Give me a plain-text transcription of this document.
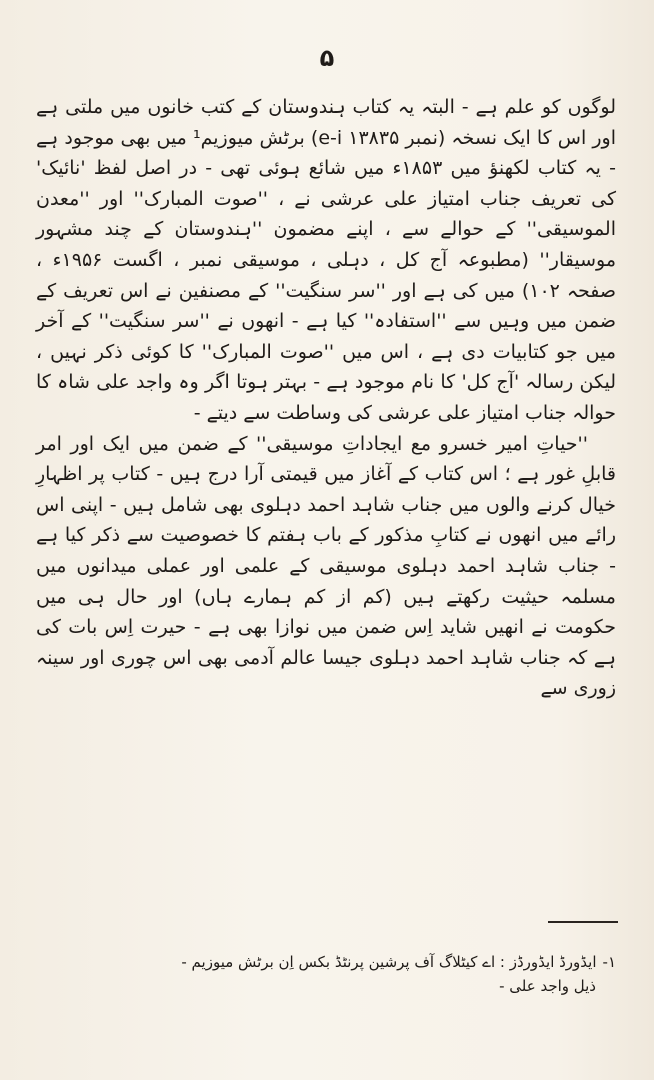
۵

لوگوں کو علم ہے - البتہ یہ کتاب ہندوستان کے کتب خانوں میں ملتی ہے اور اس کا ایک نسخہ (نمبر e-i ۱۳۸۳۵) برٹش میوزیم¹ میں بھی موجود ہے - یہ کتاب لکھنؤ میں ۱۸۵۳ء میں شائع ہوئی تھی - در اصل لفظ 'نائیک' کی تعریف جناب امتیاز علی عرشی نے ، ''صوت المبارک'' اور ''معدن الموسیقی'' کے حوالے سے ، اپنے مضمون ''ہندوستان کے چند مشہور موسیقار'' (مطبوعہ آج کل ، دہلی ، موسیقی نمبر ، اگست ۱۹۵۶ء ، صفحہ ۱۰۲) میں کی ہے اور ''سر سنگیت'' کے مصنفین نے اس تعریف کے ضمن میں وہیں سے ''استفادہ'' کیا ہے - انھوں نے ''سر سنگیت'' کے آخر میں جو کتابیات دی ہے ، اس میں ''صوت المبارک'' کا کوئی ذکر نہیں ، لیکن رسالہ 'آج کل' کا نام موجود ہے - بہتر ہوتا اگر وہ واجد علی شاہ کا حوالہ جناب امتیاز علی عرشی کی وساطت سے دیتے -

''حیاتِ امیر خسرو مع ایجاداتِ موسیقی'' کے ضمن میں ایک اور امر قابلِ غور ہے ؛ اس کتاب کے آغاز میں قیمتی آرا درج ہیں - کتاب پر اظہارِ خیال کرنے والوں میں جناب شاہد احمد دہلوی بھی شامل ہیں - اپنی اس رائے میں انھوں نے کتابِ مذکور کے باب ہفتم کا خصوصیت سے ذکر کیا ہے - جناب شاہد احمد دہلوی موسیقی کے علمی اور عملی میدانوں میں مسلمہ حیثیت رکھتے ہیں (کم از کم ہمارے ہاں) اور حال ہی میں حکومت نے انھیں شاید اِس ضمن میں نوازا بھی ہے - حیرت اِس بات کی ہے کہ جناب شاہد احمد دہلوی جیسا عالم آدمی بھی اس چوری اور سینہ زوری سے

۱-ایڈورڈ ایڈورڈز : اے کیٹلاگ آف پرشین پرنٹڈ بکس اِن برٹش میوزیم -
ذیل واجد علی -
